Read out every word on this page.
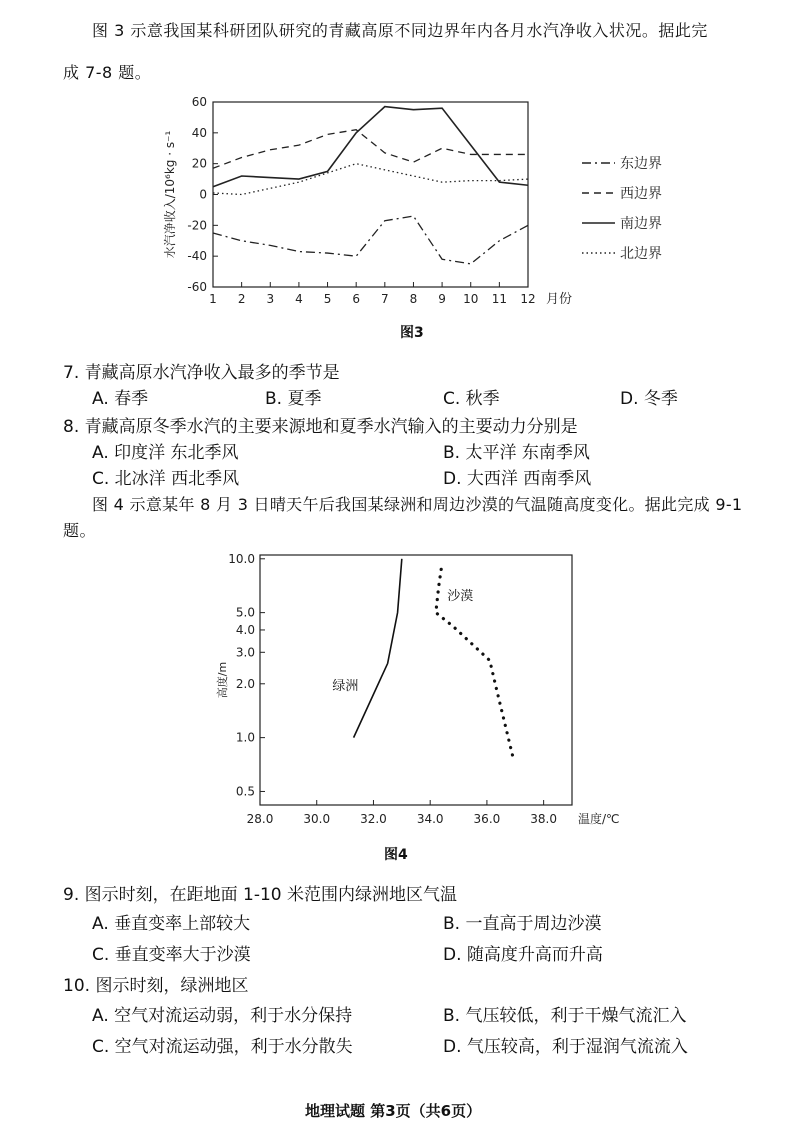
图 3 示意我国某科研团队研究的青藏高原不同边界年内各月水汽净收入状况。据此完
成 7-8 题。
60
40
20
0
-20
-40
-60
1 2 3 4 5 6 7 8 9 10 11 12 月份
水汽净收入/10⁶kg · s⁻¹	东边界
西边界
南边界
北边界
图3
7. 青藏高原水汽净收入最多的季节是
A. 春季	B. 夏季	C. 秋季	D. 冬季
8. 青藏高原冬季水汽的主要来源地和夏季水汽输入的主要动力分别是
A. 印度洋 东北季风	B. 太平洋 东南季风
C. 北冰洋 西北季风	D. 大西洋 西南季风
图 4 示意某年 8 月 3 日晴天午后我国某绿洲和周边沙漠的气温随高度变化。据此完成 9-1
题。
10.0
5.0
4.0
3.0
2.0
1.0
0.5
28.0	30.0	32.0	34.0	36.0	38.0 温度/℃
高度/m	绿洲
沙漠
图4
9. 图示时刻，在距地面 1-10 米范围内绿洲地区气温
A. 垂直变率上部较大	B. 一直高于周边沙漠
C. 垂直变率大于沙漠	D. 随高度升高而升高
10. 图示时刻，绿洲地区
A. 空气对流运动弱，利于水分保持	B. 气压较低，利于干燥气流汇入
C. 空气对流运动强，利于水分散失	D. 气压较高，利于湿润气流流入
地理试题 第3页（共6页）
